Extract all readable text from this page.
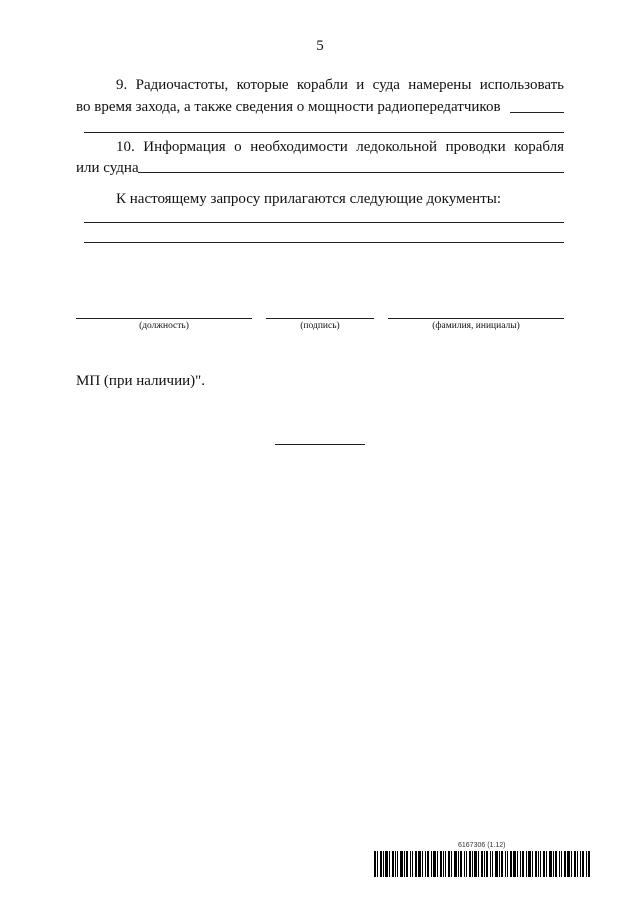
5
9. Радиочастоты, которые корабли и суда намерены использовать
во время захода, а также сведения о мощности радиопередатчиков
10. Информация о необходимости ледокольной проводки корабля
или судна
К настоящему запросу прилагаются следующие документы:
(должность)	(подпись)	(фамилия, инициалы)
МП (при наличии)".
6167306 (1.12)
